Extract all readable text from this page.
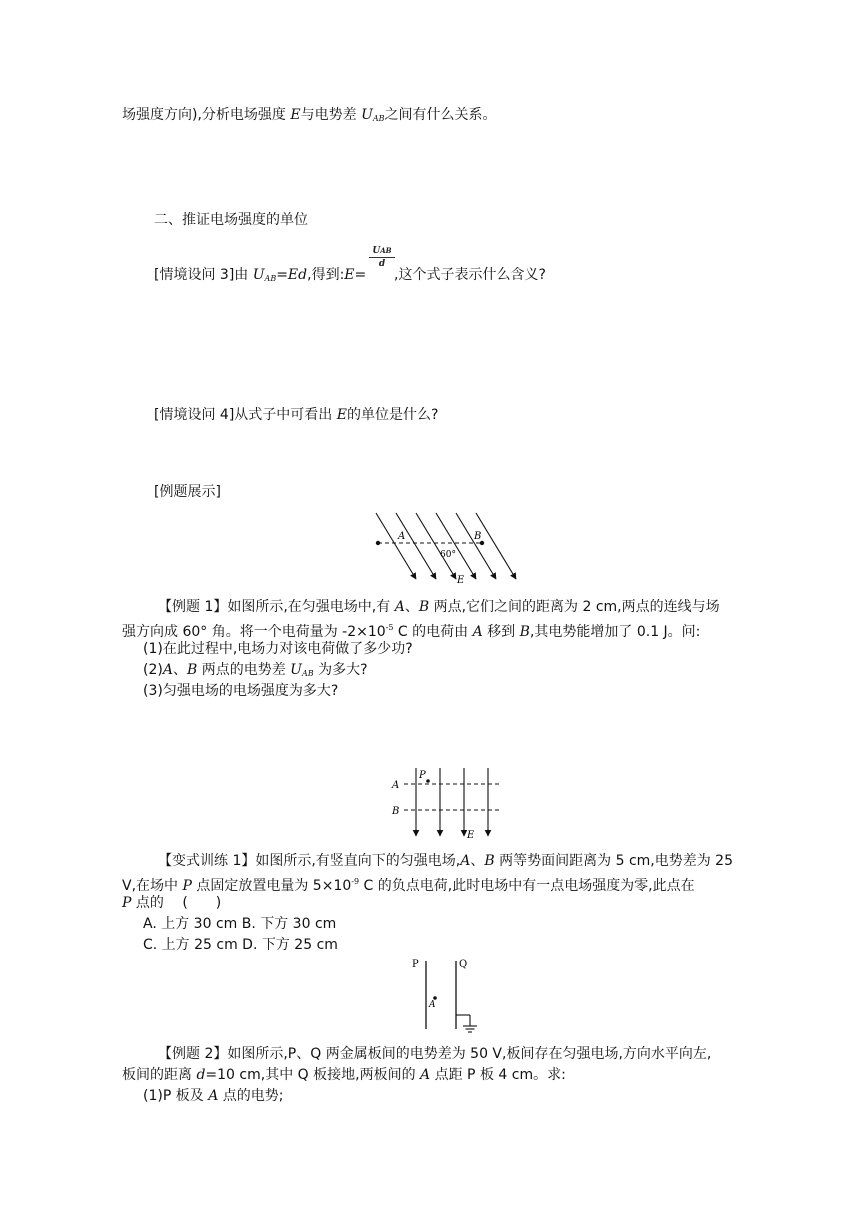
场强度方向),分析电场强度 E与电势差 $U_{AB}$之间有什么关系。
二、推证电场强度的单位
[情境设问 3]由 $U_{AB}=Ed$,得到:E=
UAB
d
,这个式子表示什么含义?
[情境设问 4]从式子中可看出 E的单位是什么?
[例题展示]
A	B
60°
E
【例题 1】如图所示,在匀强电场中,有 A、B 两点,它们之间的距离为 2 cm,两点的连线与场
强方向成 60° 角。将一个电荷量为 $-2\times 10^{-5}$ C 的电荷由 A 移到 B,其电势能增加了 0.1 J。问:
(1)在此过程中,电场力对该电荷做了多少功?
(2)A、B 两点的电势差 $U_{AB}$ 为多大?
(3)匀强电场的电场强度为多大?
A
B
P
E
【变式训练 1】如图所示,有竖直向下的匀强电场,A、B 两等势面间距离为 5 cm,电势差为 25
V,在场中 P 点固定放置电量为 $5\times 10^{-9}$ C 的负点电荷,此时电场中有一点电场强度为零,此点在
P 点的　 (　　)
A. 上方 30 cm B. 下方 30 cm
C. 上方 25 cm D. 下方 25 cm
P	Q
A
【例题 2】如图所示,P、Q 两金属板间的电势差为 50 V,板间存在匀强电场,方向水平向左,
板间的距离 d=10 cm,其中 Q 板接地,两板间的 A 点距 P 板 4 cm。求:
(1)P 板及 A 点的电势;
